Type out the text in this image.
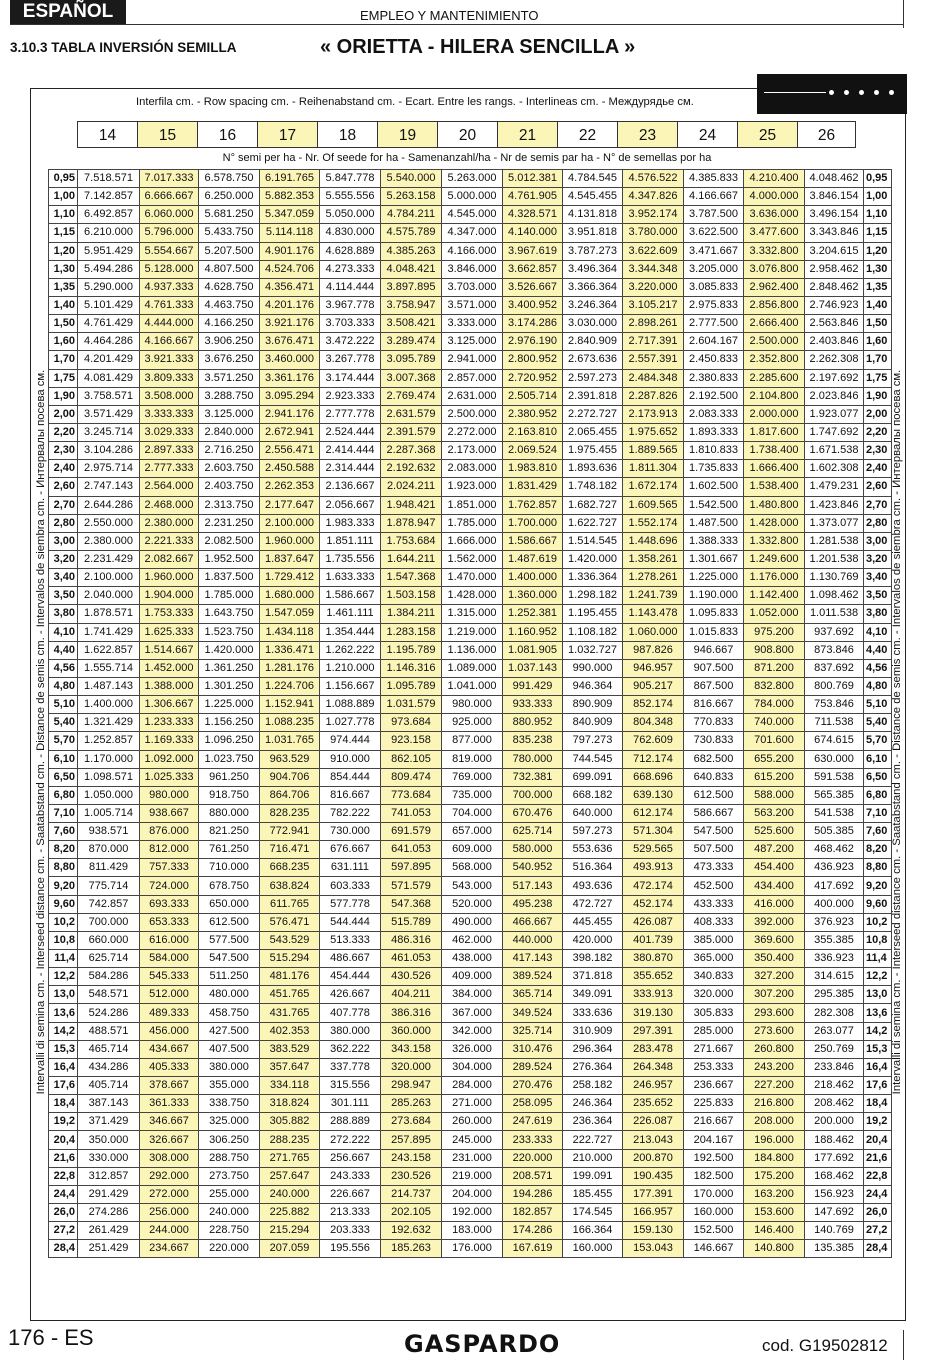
ESPAÑOL	EMPLEO Y MANTENIMIENTO
3.10.3 TABLA INVERSIÓN SEMILLA	« ORIETTA - HILERA SENCILLA »
Interfila cm. - Row spacing cm. - Reihenabstand cm. - Ecart. Entre les rangs. - Interlineas cm. - Междурядье см.
14	15	16	17	18	19	20	21	22	23	24	25	26
N° semi per ha - Nr. Of seede for ha - Samenanzahl/ha - Nr de semis par ha - N° de semellas por ha
Intervalli di semina cm. - Interseed distance cm. - Saatabstand cm. - Distance de semis cm. - Intervalos de siembra cm. - Интервалы посева см.	Intervalli di semina cm. - Interseed distance cm. - Saatabstand cm. - Distance de semis cm. - Intervalos de siembra cm. - Интервалы посева см.
0,95	7.518.571	7.017.333	6.578.750	6.191.765	5.847.778	5.540.000	5.263.000	5.012.381	4.784.545	4.576.522	4.385.833	4.210.400	4.048.462	0,95
1,00	7.142.857	6.666.667	6.250.000	5.882.353	5.555.556	5.263.158	5.000.000	4.761.905	4.545.455	4.347.826	4.166.667	4.000.000	3.846.154	1,00
1,10	6.492.857	6.060.000	5.681.250	5.347.059	5.050.000	4.784.211	4.545.000	4.328.571	4.131.818	3.952.174	3.787.500	3.636.000	3.496.154	1,10
1,15	6.210.000	5.796.000	5.433.750	5.114.118	4.830.000	4.575.789	4.347.000	4.140.000	3.951.818	3.780.000	3.622.500	3.477.600	3.343.846	1,15
1,20	5.951.429	5.554.667	5.207.500	4.901.176	4.628.889	4.385.263	4.166.000	3.967.619	3.787.273	3.622.609	3.471.667	3.332.800	3.204.615	1,20
1,30	5.494.286	5.128.000	4.807.500	4.524.706	4.273.333	4.048.421	3.846.000	3.662.857	3.496.364	3.344.348	3.205.000	3.076.800	2.958.462	1,30
1,35	5.290.000	4.937.333	4.628.750	4.356.471	4.114.444	3.897.895	3.703.000	3.526.667	3.366.364	3.220.000	3.085.833	2.962.400	2.848.462	1,35
1,40	5.101.429	4.761.333	4.463.750	4.201.176	3.967.778	3.758.947	3.571.000	3.400.952	3.246.364	3.105.217	2.975.833	2.856.800	2.746.923	1,40
1,50	4.761.429	4.444.000	4.166.250	3.921.176	3.703.333	3.508.421	3.333.000	3.174.286	3.030.000	2.898.261	2.777.500	2.666.400	2.563.846	1,50
1,60	4.464.286	4.166.667	3.906.250	3.676.471	3.472.222	3.289.474	3.125.000	2.976.190	2.840.909	2.717.391	2.604.167	2.500.000	2.403.846	1,60
1,70	4.201.429	3.921.333	3.676.250	3.460.000	3.267.778	3.095.789	2.941.000	2.800.952	2.673.636	2.557.391	2.450.833	2.352.800	2.262.308	1,70
1,75	4.081.429	3.809.333	3.571.250	3.361.176	3.174.444	3.007.368	2.857.000	2.720.952	2.597.273	2.484.348	2.380.833	2.285.600	2.197.692	1,75
1,90	3.758.571	3.508.000	3.288.750	3.095.294	2.923.333	2.769.474	2.631.000	2.505.714	2.391.818	2.287.826	2.192.500	2.104.800	2.023.846	1,90
2,00	3.571.429	3.333.333	3.125.000	2.941.176	2.777.778	2.631.579	2.500.000	2.380.952	2.272.727	2.173.913	2.083.333	2.000.000	1.923.077	2,00
2,20	3.245.714	3.029.333	2.840.000	2.672.941	2.524.444	2.391.579	2.272.000	2.163.810	2.065.455	1.975.652	1.893.333	1.817.600	1.747.692	2,20
2,30	3.104.286	2.897.333	2.716.250	2.556.471	2.414.444	2.287.368	2.173.000	2.069.524	1.975.455	1.889.565	1.810.833	1.738.400	1.671.538	2,30
2,40	2.975.714	2.777.333	2.603.750	2.450.588	2.314.444	2.192.632	2.083.000	1.983.810	1.893.636	1.811.304	1.735.833	1.666.400	1.602.308	2,40
2,60	2.747.143	2.564.000	2.403.750	2.262.353	2.136.667	2.024.211	1.923.000	1.831.429	1.748.182	1.672.174	1.602.500	1.538.400	1.479.231	2,60
2,70	2.644.286	2.468.000	2.313.750	2.177.647	2.056.667	1.948.421	1.851.000	1.762.857	1.682.727	1.609.565	1.542.500	1.480.800	1.423.846	2,70
2,80	2.550.000	2.380.000	2.231.250	2.100.000	1.983.333	1.878.947	1.785.000	1.700.000	1.622.727	1.552.174	1.487.500	1.428.000	1.373.077	2,80
3,00	2.380.000	2.221.333	2.082.500	1.960.000	1.851.111	1.753.684	1.666.000	1.586.667	1.514.545	1.448.696	1.388.333	1.332.800	1.281.538	3,00
3,20	2.231.429	2.082.667	1.952.500	1.837.647	1.735.556	1.644.211	1.562.000	1.487.619	1.420.000	1.358.261	1.301.667	1.249.600	1.201.538	3,20
3,40	2.100.000	1.960.000	1.837.500	1.729.412	1.633.333	1.547.368	1.470.000	1.400.000	1.336.364	1.278.261	1.225.000	1.176.000	1.130.769	3,40
3,50	2.040.000	1.904.000	1.785.000	1.680.000	1.586.667	1.503.158	1.428.000	1.360.000	1.298.182	1.241.739	1.190.000	1.142.400	1.098.462	3,50
3,80	1.878.571	1.753.333	1.643.750	1.547.059	1.461.111	1.384.211	1.315.000	1.252.381	1.195.455	1.143.478	1.095.833	1.052.000	1.011.538	3,80
4,10	1.741.429	1.625.333	1.523.750	1.434.118	1.354.444	1.283.158	1.219.000	1.160.952	1.108.182	1.060.000	1.015.833	975.200	937.692	4,10
4,40	1.622.857	1.514.667	1.420.000	1.336.471	1.262.222	1.195.789	1.136.000	1.081.905	1.032.727	987.826	946.667	908.800	873.846	4,40
4,56	1.555.714	1.452.000	1.361.250	1.281.176	1.210.000	1.146.316	1.089.000	1.037.143	990.000	946.957	907.500	871.200	837.692	4,56
4,80	1.487.143	1.388.000	1.301.250	1.224.706	1.156.667	1.095.789	1.041.000	991.429	946.364	905.217	867.500	832.800	800.769	4,80
5,10	1.400.000	1.306.667	1.225.000	1.152.941	1.088.889	1.031.579	980.000	933.333	890.909	852.174	816.667	784.000	753.846	5,10
5,40	1.321.429	1.233.333	1.156.250	1.088.235	1.027.778	973.684	925.000	880.952	840.909	804.348	770.833	740.000	711.538	5,40
5,70	1.252.857	1.169.333	1.096.250	1.031.765	974.444	923.158	877.000	835.238	797.273	762.609	730.833	701.600	674.615	5,70
6,10	1.170.000	1.092.000	1.023.750	963.529	910.000	862.105	819.000	780.000	744.545	712.174	682.500	655.200	630.000	6,10
6,50	1.098.571	1.025.333	961.250	904.706	854.444	809.474	769.000	732.381	699.091	668.696	640.833	615.200	591.538	6,50
6,80	1.050.000	980.000	918.750	864.706	816.667	773.684	735.000	700.000	668.182	639.130	612.500	588.000	565.385	6,80
7,10	1.005.714	938.667	880.000	828.235	782.222	741.053	704.000	670.476	640.000	612.174	586.667	563.200	541.538	7,10
7,60	938.571	876.000	821.250	772.941	730.000	691.579	657.000	625.714	597.273	571.304	547.500	525.600	505.385	7,60
8,20	870.000	812.000	761.250	716.471	676.667	641.053	609.000	580.000	553.636	529.565	507.500	487.200	468.462	8,20
8,80	811.429	757.333	710.000	668.235	631.111	597.895	568.000	540.952	516.364	493.913	473.333	454.400	436.923	8,80
9,20	775.714	724.000	678.750	638.824	603.333	571.579	543.000	517.143	493.636	472.174	452.500	434.400	417.692	9,20
9,60	742.857	693.333	650.000	611.765	577.778	547.368	520.000	495.238	472.727	452.174	433.333	416.000	400.000	9,60
10,2	700.000	653.333	612.500	576.471	544.444	515.789	490.000	466.667	445.455	426.087	408.333	392.000	376.923	10,2
10,8	660.000	616.000	577.500	543.529	513.333	486.316	462.000	440.000	420.000	401.739	385.000	369.600	355.385	10,8
11,4	625.714	584.000	547.500	515.294	486.667	461.053	438.000	417.143	398.182	380.870	365.000	350.400	336.923	11,4
12,2	584.286	545.333	511.250	481.176	454.444	430.526	409.000	389.524	371.818	355.652	340.833	327.200	314.615	12,2
13,0	548.571	512.000	480.000	451.765	426.667	404.211	384.000	365.714	349.091	333.913	320.000	307.200	295.385	13,0
13,6	524.286	489.333	458.750	431.765	407.778	386.316	367.000	349.524	333.636	319.130	305.833	293.600	282.308	13,6
14,2	488.571	456.000	427.500	402.353	380.000	360.000	342.000	325.714	310.909	297.391	285.000	273.600	263.077	14,2
15,3	465.714	434.667	407.500	383.529	362.222	343.158	326.000	310.476	296.364	283.478	271.667	260.800	250.769	15,3
16,4	434.286	405.333	380.000	357.647	337.778	320.000	304.000	289.524	276.364	264.348	253.333	243.200	233.846	16,4
17,6	405.714	378.667	355.000	334.118	315.556	298.947	284.000	270.476	258.182	246.957	236.667	227.200	218.462	17,6
18,4	387.143	361.333	338.750	318.824	301.111	285.263	271.000	258.095	246.364	235.652	225.833	216.800	208.462	18,4
19,2	371.429	346.667	325.000	305.882	288.889	273.684	260.000	247.619	236.364	226.087	216.667	208.000	200.000	19,2
20,4	350.000	326.667	306.250	288.235	272.222	257.895	245.000	233.333	222.727	213.043	204.167	196.000	188.462	20,4
21,6	330.000	308.000	288.750	271.765	256.667	243.158	231.000	220.000	210.000	200.870	192.500	184.800	177.692	21,6
22,8	312.857	292.000	273.750	257.647	243.333	230.526	219.000	208.571	199.091	190.435	182.500	175.200	168.462	22,8
24,4	291.429	272.000	255.000	240.000	226.667	214.737	204.000	194.286	185.455	177.391	170.000	163.200	156.923	24,4
26,0	274.286	256.000	240.000	225.882	213.333	202.105	192.000	182.857	174.545	166.957	160.000	153.600	147.692	26,0
27,2	261.429	244.000	228.750	215.294	203.333	192.632	183.000	174.286	166.364	159.130	152.500	146.400	140.769	27,2
28,4	251.429	234.667	220.000	207.059	195.556	185.263	176.000	167.619	160.000	153.043	146.667	140.800	135.385	28,4
176 - ES	GASPARDO	cod. G19502812
